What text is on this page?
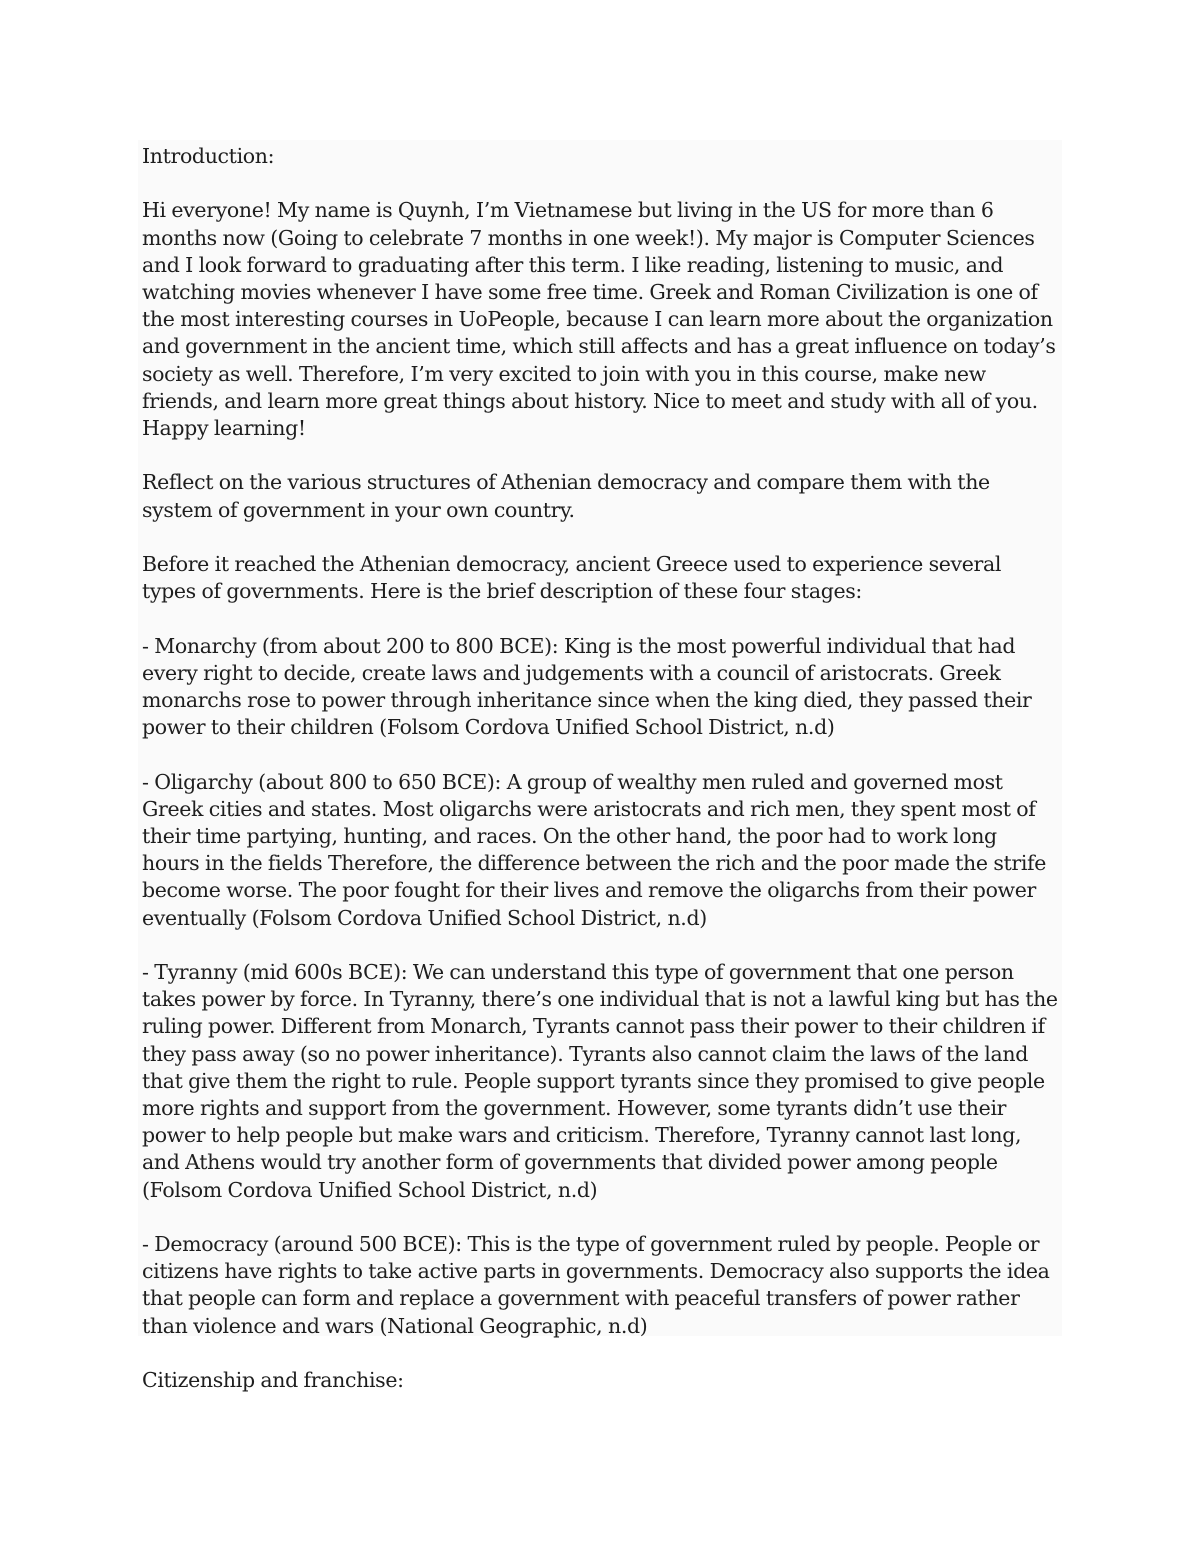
Introduction:

Hi everyone! My name is Quynh, I’m Vietnamese but living in the US for more than 6 months now (Going to celebrate 7 months in one week!). My major is Computer Sciences and I look forward to graduating after this term. I like reading, listening to music, and watching movies whenever I have some free time. Greek and Roman Civilization is one of the most interesting courses in UoPeople, because I can learn more about the organization and government in the ancient time, which still affects and has a great influence on today’s society as well. Therefore, I’m very excited to join with you in this course, make new friends, and learn more great things about history. Nice to meet and study with all of you. Happy learning!

Reflect on the various structures of Athenian democracy and compare them with the system of government in your own country.

Before it reached the Athenian democracy, ancient Greece used to experience several types of governments. Here is the brief description of these four stages:

- Monarchy (from about 200 to 800 BCE): King is the most powerful individual that had every right to decide, create laws and judgements with a council of aristocrats. Greek monarchs rose to power through inheritance since when the king died, they passed their power to their children (Folsom Cordova Unified School District, n.d)

- Oligarchy (about 800 to 650 BCE): A group of wealthy men ruled and governed most Greek cities and states. Most oligarchs were aristocrats and rich men, they spent most of their time partying, hunting, and races. On the other hand, the poor had to work long hours in the fields Therefore, the difference between the rich and the poor made the strife become worse. The poor fought for their lives and remove the oligarchs from their power eventually (Folsom Cordova Unified School District, n.d)

- Tyranny (mid 600s BCE): We can understand this type of government that one person takes power by force. In Tyranny, there’s one individual that is not a lawful king but has the ruling power. Different from Monarch, Tyrants cannot pass their power to their children if they pass away (so no power inheritance). Tyrants also cannot claim the laws of the land that give them the right to rule. People support tyrants since they promised to give people more rights and support from the government. However, some tyrants didn’t use their power to help people but make wars and criticism. Therefore, Tyranny cannot last long, and Athens would try another form of governments that divided power among people (Folsom Cordova Unified School District, n.d)

- Democracy (around 500 BCE): This is the type of government ruled by people. People or citizens have rights to take active parts in governments. Democracy also supports the idea that people can form and replace a government with peaceful transfers of power rather than violence and wars (National Geographic, n.d)

Citizenship and franchise:
